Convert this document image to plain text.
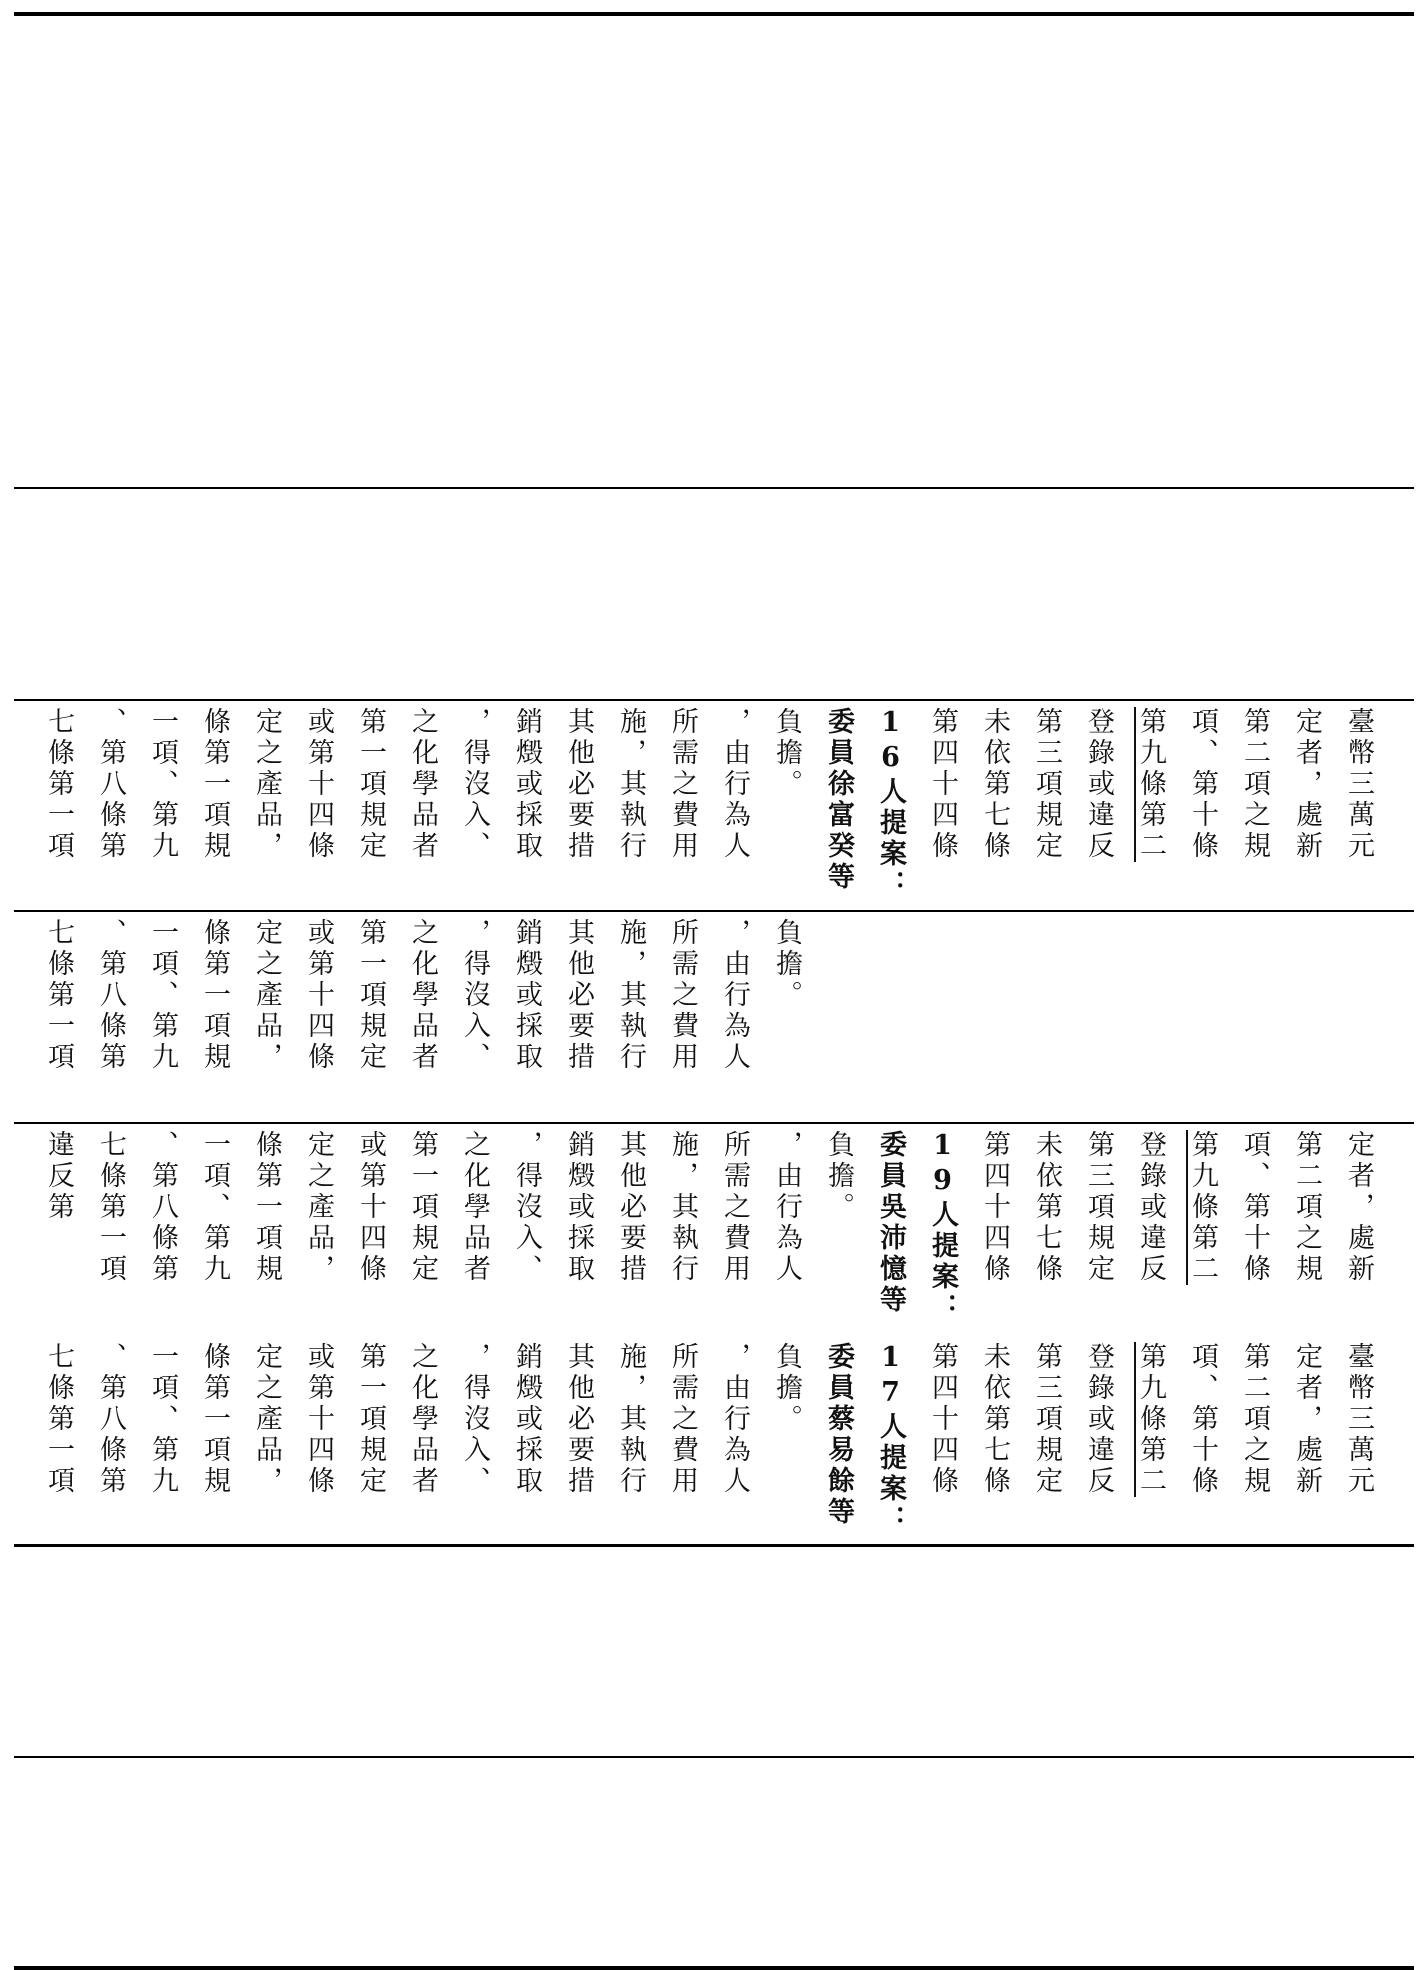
七條第一項 、第八條第 一項、第九 條第一項規 定之產品， 或第十四條 第一項規定 之化學品者 ，得沒入、 銷燬或採取 其他必要措 施，其執行 所需之費用 ，由行為人 負擔。 委員徐富癸等 16人提案： 第四十四條 未依第七條 第三項規定 登錄或違反 第九條第二 項、第十條 第二項之規 定者，處新 臺幣三萬元
七條第一項 、第八條第 一項、第九 條第一項規 定之產品， 或第十四條 第一項規定 之化學品者 ，得沒入、 銷燬或採取 其他必要措 施，其執行 所需之費用 ，由行為人 負擔。
違反第 七條第一項 、第八條第 一項、第九 條第一項規 定之產品， 或第十四條 第一項規定 之化學品者 ，得沒入、 銷燬或採取 其他必要措 施，其執行 所需之費用 ，由行為人 負擔。 委員吳沛憶等 19人提案： 第四十四條 未依第七條 第三項規定 登錄或違反 第九條第二 項、第十條 第二項之規 定者，處新
七條第一項 、第八條第 一項、第九 條第一項規 定之產品， 或第十四條 第一項規定 之化學品者 ，得沒入、 銷燬或採取 其他必要措 施，其執行 所需之費用 ，由行為人 負擔。 委員蔡易餘等 17人提案： 第四十四條 未依第七條 第三項規定 登錄或違反 第九條第二 項、第十條 第二項之規 定者，處新 臺幣三萬元
